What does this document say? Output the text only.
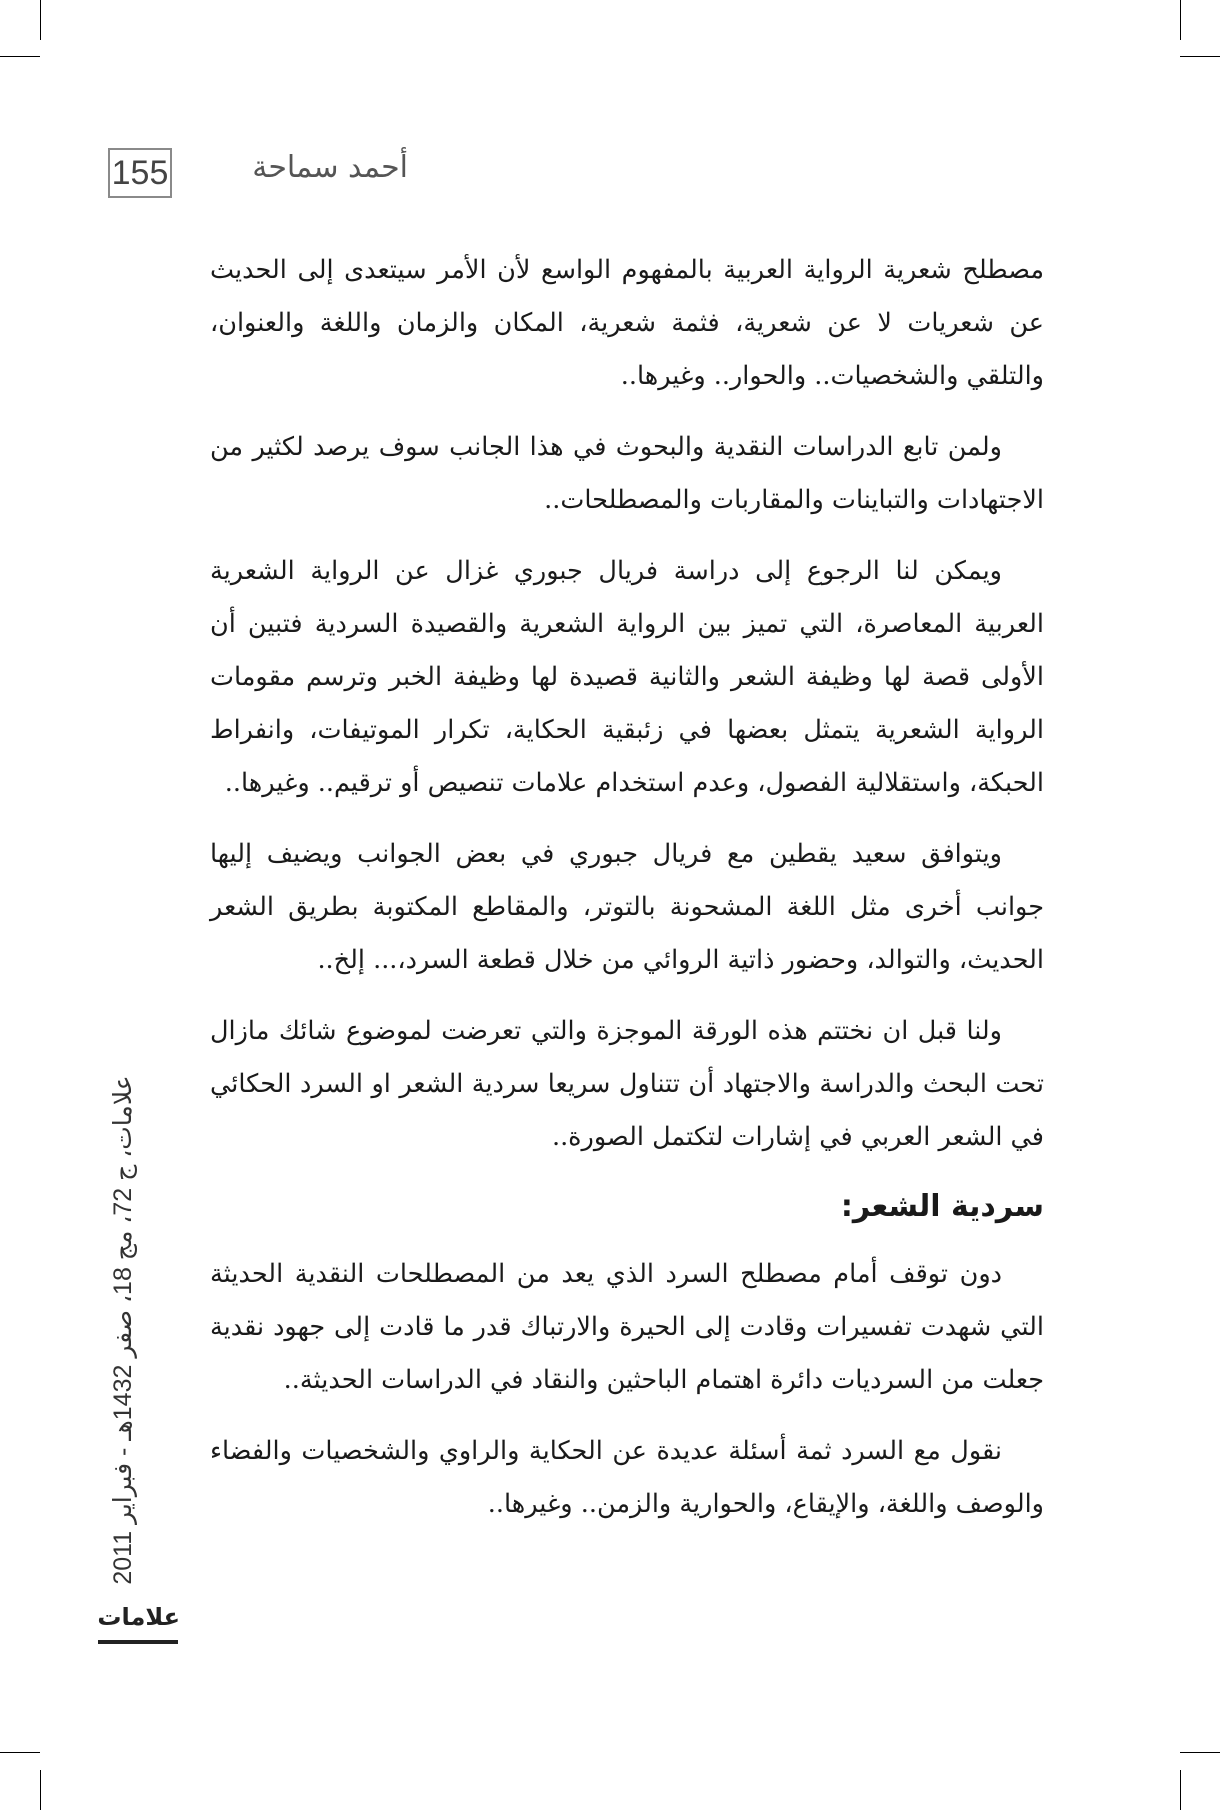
155	أحمد سماحة

مصطلح شعرية الرواية العربية بالمفهوم الواسع لأن الأمر سيتعدى إلى الحديث عن شعريات لا عن شعرية، فثمة شعرية، المكان والزمان واللغة والعنوان، والتلقي والشخصيات.. والحوار.. وغيرها..

ولمن تابع الدراسات النقدية والبحوث في هذا الجانب سوف يرصد لكثير من الاجتهادات والتباينات والمقاربات والمصطلحات..

ويمكن لنا الرجوع إلى دراسة فريال جبوري غزال عن الرواية الشعرية العربية المعاصرة، التي تميز بين الرواية الشعرية والقصيدة السردية فتبين أن الأولى قصة لها وظيفة الشعر والثانية قصيدة لها وظيفة الخبر وترسم مقومات الرواية الشعرية يتمثل بعضها في زئبقية الحكاية، تكرار الموتيفات، وانفراط الحبكة، واستقلالية الفصول، وعدم استخدام علامات تنصيص أو ترقيم.. وغيرها..

ويتوافق سعيد يقطين مع فريال جبوري في بعض الجوانب ويضيف إليها جوانب أخرى مثل اللغة المشحونة بالتوتر، والمقاطع المكتوبة بطريق الشعر الحديث، والتوالد، وحضور ذاتية الروائي من خلال قطعة السرد،... إلخ..

ولنا قبل ان نختتم هذه الورقة الموجزة والتي تعرضت لموضوع شائك مازال تحت البحث والدراسة والاجتهاد أن تتناول سريعا سردية الشعر او السرد الحكائي في الشعر العربي في إشارات لتكتمل الصورة..

سردية الشعر:

دون توقف أمام مصطلح السرد الذي يعد من المصطلحات النقدية الحديثة التي شهدت تفسيرات وقادت إلى الحيرة والارتباك قدر ما قادت إلى جهود نقدية جعلت من السرديات دائرة اهتمام الباحثين والنقاد في الدراسات الحديثة..

نقول مع السرد ثمة أسئلة عديدة عن الحكاية والراوي والشخصيات والفضاء والوصف واللغة، والإيقاع، والحوارية والزمن.. وغيرها..

علامات، ج 72، مج 18، صفر 1432هـ - فبراير 2011
علامات
